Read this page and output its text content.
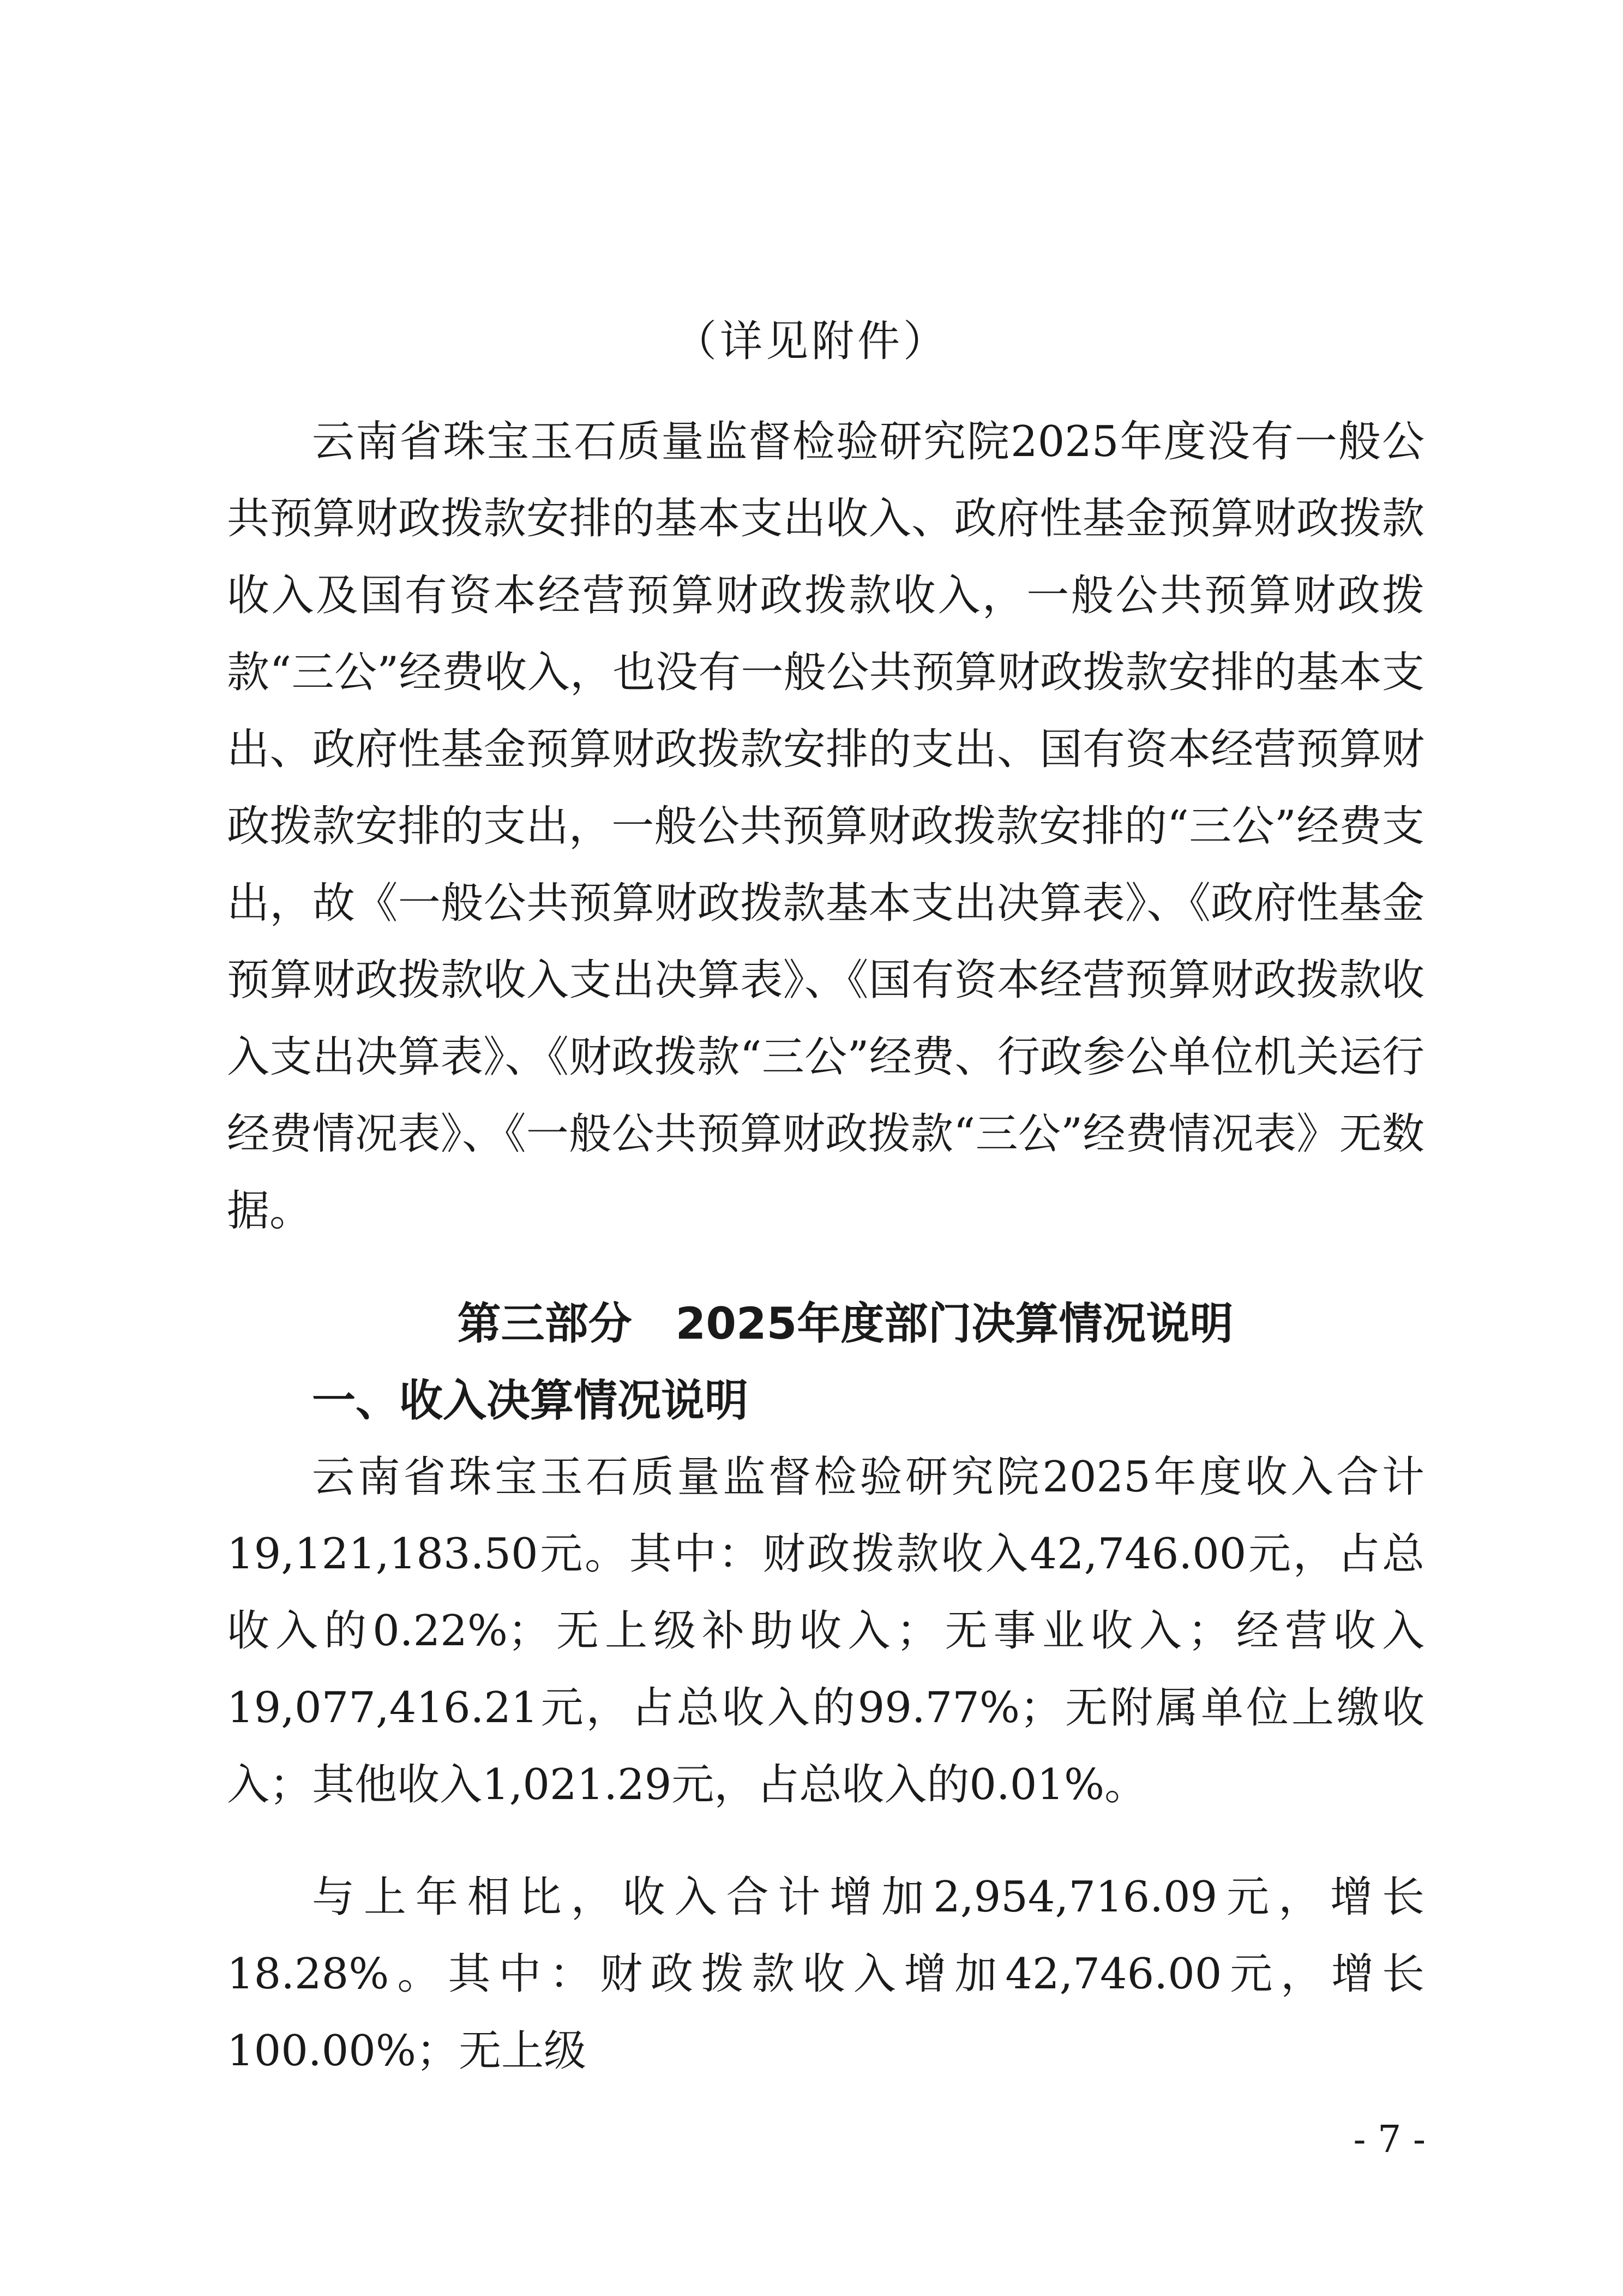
（详见附件）

云南省珠宝玉石质量监督检验研究院2025年度没有一般公共预算财政拨款安排的基本支出收入、政府性基金预算财政拨款收入及国有资本经营预算财政拨款收入，一般公共预算财政拨款“三公”经费收入，也没有一般公共预算财政拨款安排的基本支出、政府性基金预算财政拨款安排的支出、国有资本经营预算财政拨款安排的支出，一般公共预算财政拨款安排的“三公”经费支出，故《一般公共预算财政拨款基本支出决算表》、《政府性基金预算财政拨款收入支出决算表》、《国有资本经营预算财政拨款收入支出决算表》、《财政拨款“三公”经费、行政参公单位机关运行经费情况表》、《一般公共预算财政拨款“三公”经费情况表》无数据。

第三部分　2025年度部门决算情况说明

一、收入决算情况说明

云南省珠宝玉石质量监督检验研究院2025年度收入合计19,121,183.50元。其中：财政拨款收入42,746.00元，占总收入的0.22%；无上级补助收入；无事业收入；经营收入19,077,416.21元，占总收入的99.77%；无附属单位上缴收入；其他收入1,021.29元，占总收入的0.01%。

与上年相比，收入合计增加2,954,716.09元，增长18.28%。其中：财政拨款收入增加42,746.00元，增长100.00%；无上级

- 7 -
